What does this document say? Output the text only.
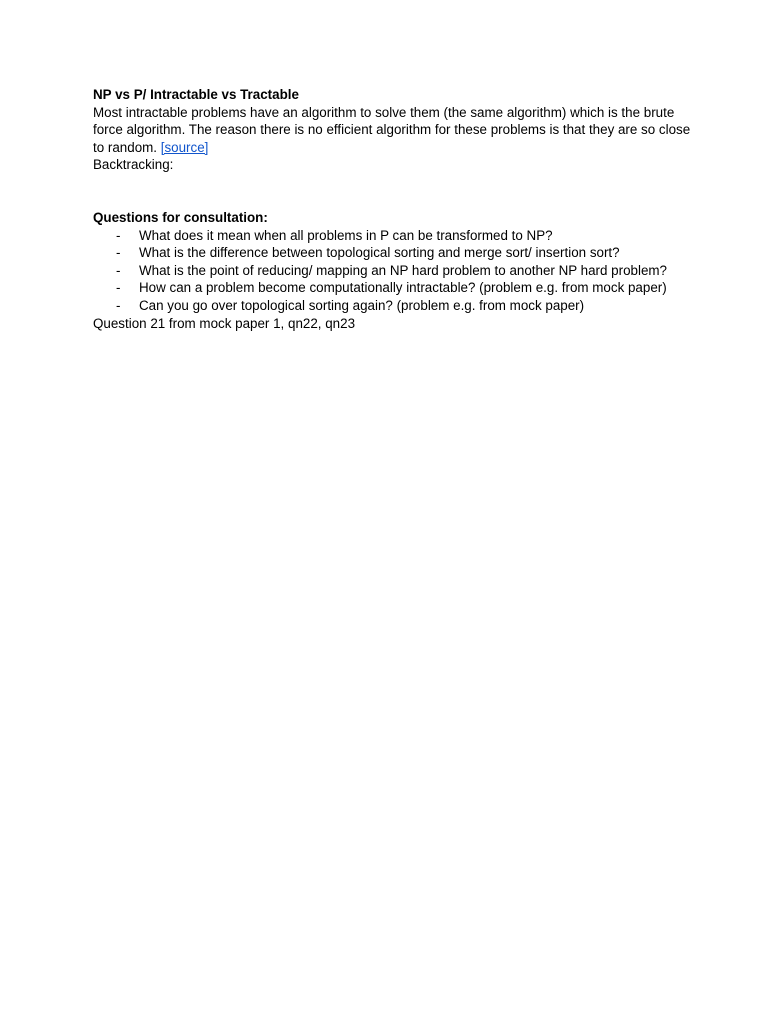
NP vs P/ Intractable vs Tractable

Most intractable problems have an algorithm to solve them (the same algorithm) which is the brute force algorithm. The reason there is no efficient algorithm for these problems is that they are so close to random. [source]

Backtracking:
Questions for consultation:
- What does it mean when all problems in P can be transformed to NP?
- What is the difference between topological sorting and merge sort/ insertion sort?
- What is the point of reducing/ mapping an NP hard problem to another NP hard problem?
- How can a problem become computationally intractable? (problem e.g. from mock paper)
- Can you go over topological sorting again? (problem e.g. from mock paper)
Question 21 from mock paper 1, qn22, qn23
